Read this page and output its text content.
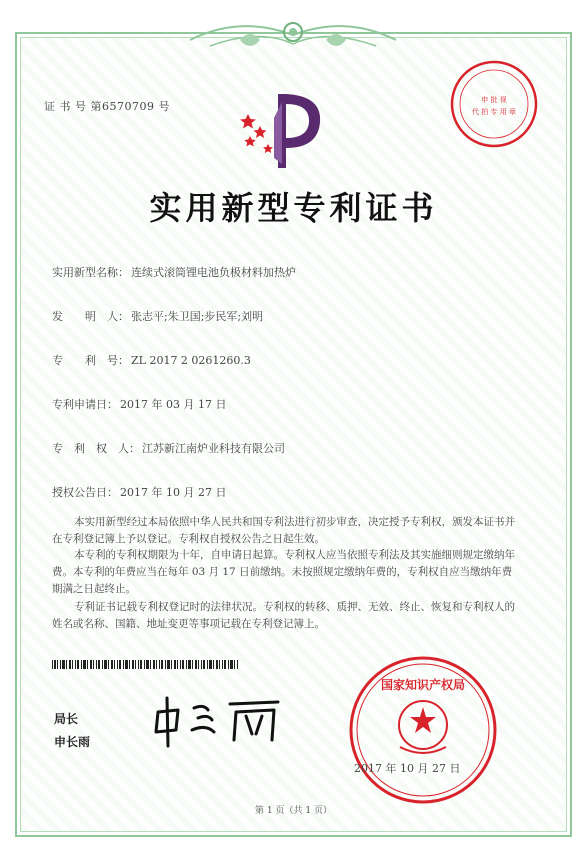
证 书 号 第6570709 号	申 批 视
代 拍 专 用 章
实用新型专利证书
实用新型名称： 连续式滚筒锂电池负极材料加热炉
发　　明　人： 张志平;朱卫国;步民军;刘明
专　　利　号： ZL 2017 2 0261260.3
专利申请日： 2017 年 03 月 17 日
专　利　权　人： 江苏新江南炉业科技有限公司
授权公告日： 2017 年 10 月 27 日
本实用新型经过本局依照中华人民共和国专利法进行初步审查，决定授予专利权，颁发本证书并在专利登记簿上予以登记。专利权自授权公告之日起生效。
本专利的专利权期限为十年，自申请日起算。专利权人应当依照专利法及其实施细则规定缴纳年费。本专利的年费应当在每年 03 月 17 日前缴纳。未按照规定缴纳年费的，专利权自应当缴纳年费期满之日起终止。
专利证书记载专利权登记时的法律状况。专利权的转移、质押、无效、终止、恢复和专利权人的姓名或名称、国籍、地址变更等事项记载在专利登记簿上。
局长
申长雨
国家知识产权局
2017 年 10 月 27 日
第 1 页（共 1 页）
